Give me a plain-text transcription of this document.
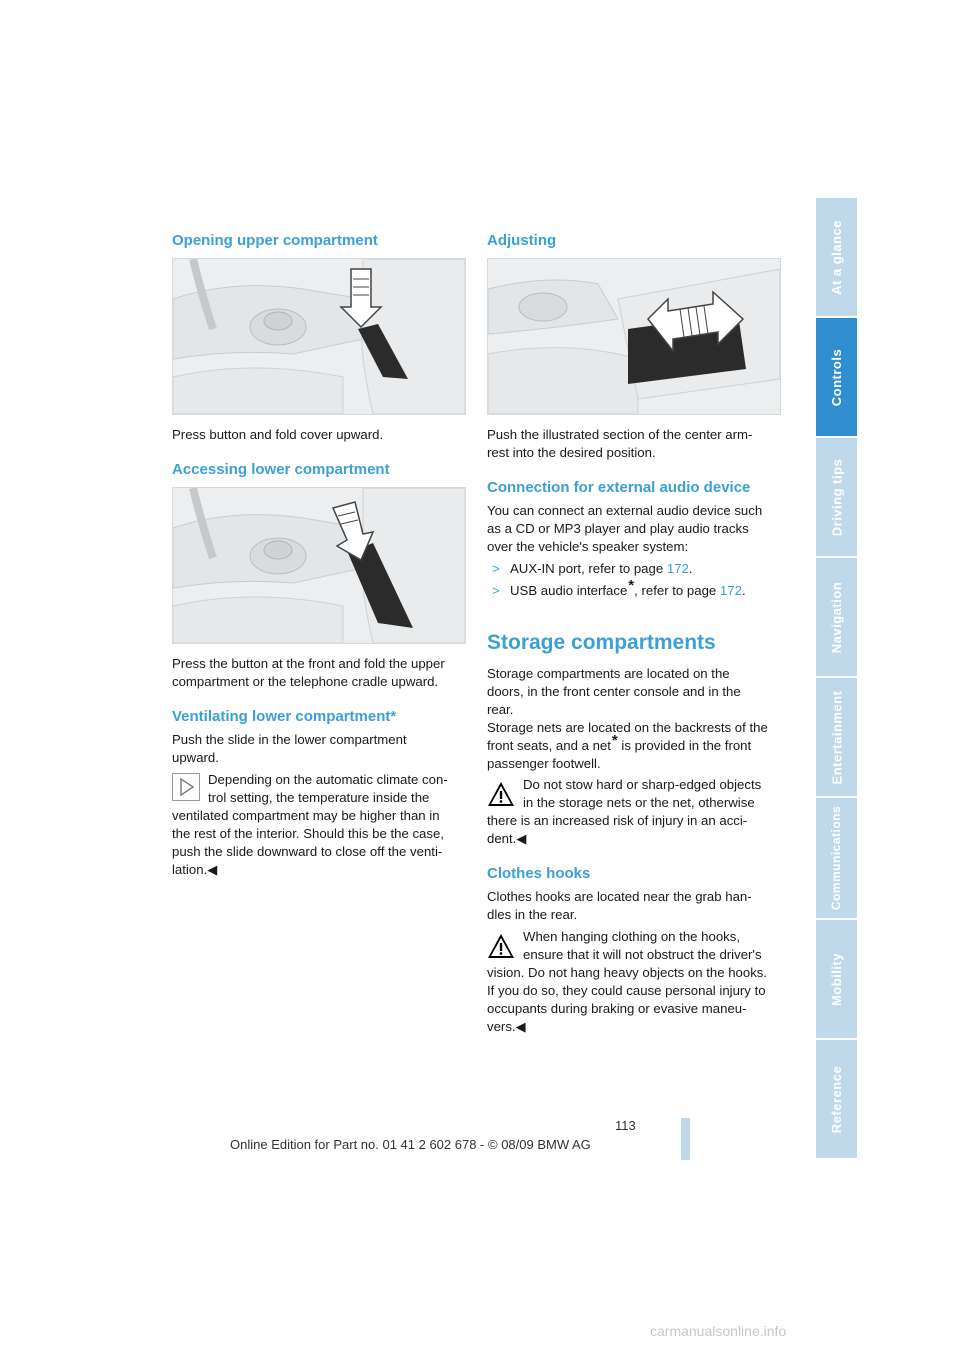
Opening upper compartment

Press button and fold cover upward.

Accessing lower compartment

Press the button at the front and fold the upper

compartment or the telephone cradle upward.

Ventilating lower compartment*

Push the slide in the lower compartment

upward.

Depending on the automatic climate con-

trol setting, the temperature inside the

ventilated compartment may be higher than in

the rest of the interior. Should this be the case,

push the slide downward to close off the venti-

lation.◀

Adjusting

Push the illustrated section of the center arm-

rest into the desired position.

Connection for external audio device

You can connect an external audio device such

as a CD or MP3 player and play audio tracks

over the vehicle's speaker system:

> AUX-IN port, refer to page 172.

> USB audio interface*, refer to page 172.

Storage compartments

Storage compartments are located on the

doors, in the front center console and in the

rear.

Storage nets are located on the backrests of the

front seats, and a net* is provided in the front

passenger footwell.

Do not stow hard or sharp-edged objects

in the storage nets or the net, otherwise

there is an increased risk of injury in an acci-

dent.◀

Clothes hooks

Clothes hooks are located near the grab han-

dles in the rear.

When hanging clothing on the hooks,

ensure that it will not obstruct the driver's

vision. Do not hang heavy objects on the hooks.

If you do so, they could cause personal injury to

occupants during braking or evasive maneu-

vers.◀

At a glance
Controls
Driving tips
Navigation
Entertainment
Communications
Mobility
Reference
113
Online Edition for Part no. 01 41 2 602 678 - © 08/09 BMW AG
carmanualsonline.info
